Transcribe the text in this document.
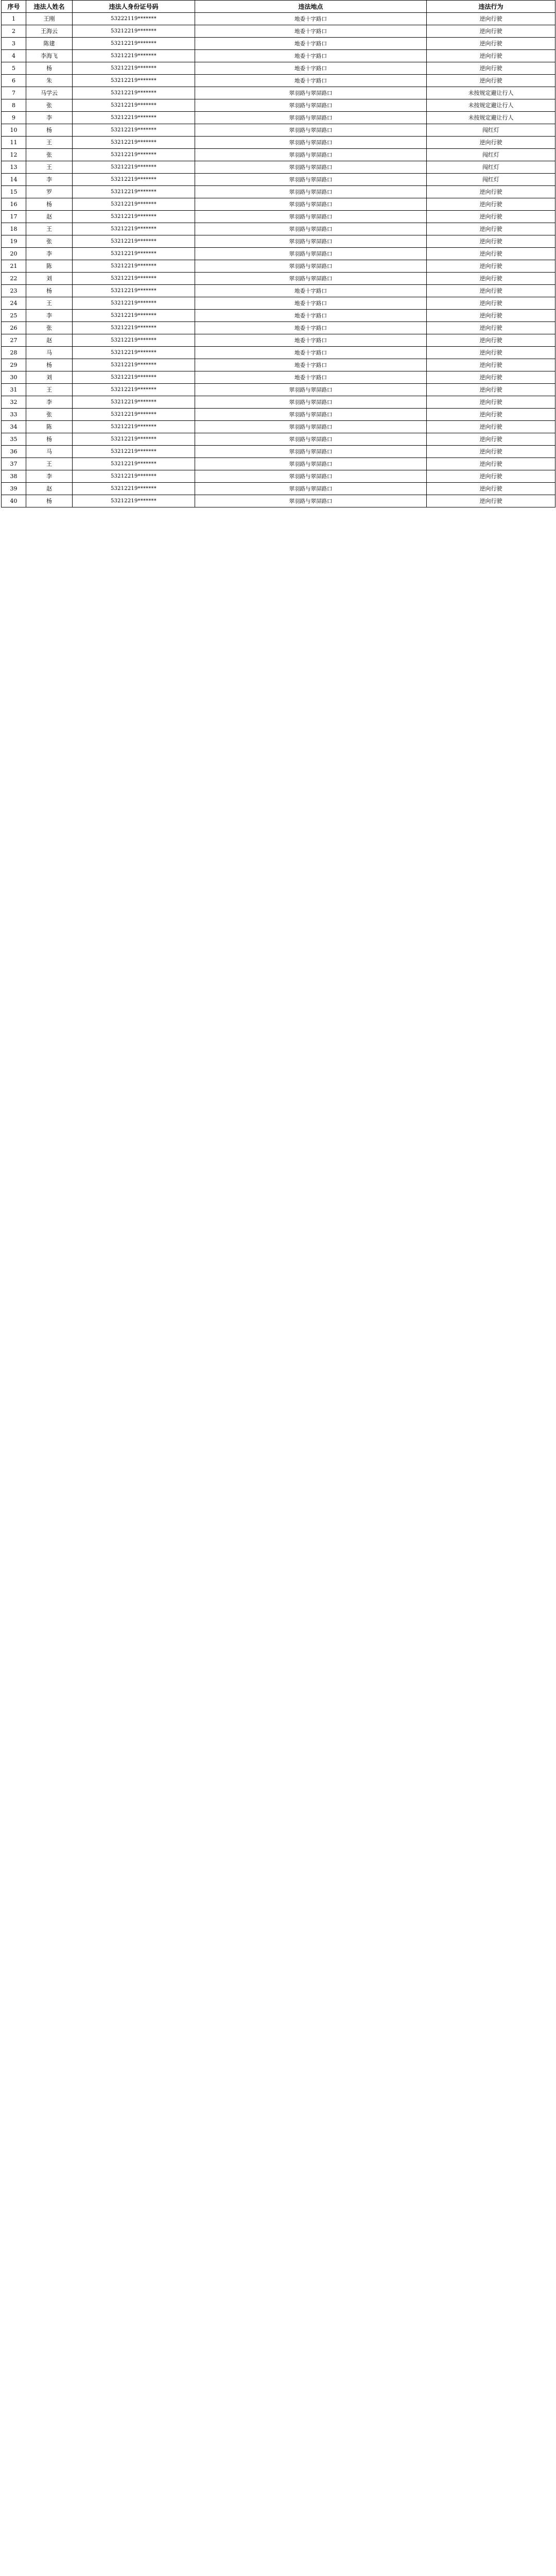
序号	违法人姓名	违法人身份证号码	违法地点	违法行为
1	王刚	53222119*******	地委十字路口	逆向行驶
2	王海云	53212219*******	地委十字路口	逆向行驶
3	陈建	53212219*******	地委十字路口	逆向行驶
4	李海飞	53212219*******	地委十字路口	逆向行驶
5	杨	53212219*******	地委十字路口	逆向行驶
6	朱	53212219*******	地委十字路口	逆向行驶
7	马学云	53212219*******	翠羽路与翠屏路口	未按规定避让行人
8	张	53212219*******	翠羽路与翠屏路口	未按规定避让行人
9	李	53212219*******	翠羽路与翠屏路口	未按规定避让行人
10	杨	53212219*******	翠羽路与翠屏路口	闯红灯
11	王	53212219*******	翠羽路与翠屏路口	逆向行驶
12	张	53212219*******	翠羽路与翠屏路口	闯红灯
13	王	53212219*******	翠羽路与翠屏路口	闯红灯
14	李	53212219*******	翠羽路与翠屏路口	闯红灯
15	罗	53212219*******	翠羽路与翠屏路口	逆向行驶
16	杨	53212219*******	翠羽路与翠屏路口	逆向行驶
17	赵	53212219*******	翠羽路与翠屏路口	逆向行驶
18	王	53212219*******	翠羽路与翠屏路口	逆向行驶
19	张	53212219*******	翠羽路与翠屏路口	逆向行驶
20	李	53212219*******	翠羽路与翠屏路口	逆向行驶
21	陈	53212219*******	翠羽路与翠屏路口	逆向行驶
22	刘	53212219*******	翠羽路与翠屏路口	逆向行驶
23	杨	53212219*******	地委十字路口	逆向行驶
24	王	53212219*******	地委十字路口	逆向行驶
25	李	53212219*******	地委十字路口	逆向行驶
26	张	53212219*******	地委十字路口	逆向行驶
27	赵	53212219*******	地委十字路口	逆向行驶
28	马	53212219*******	地委十字路口	逆向行驶
29	杨	53212219*******	地委十字路口	逆向行驶
30	刘	53212219*******	地委十字路口	逆向行驶
31	王	53212219*******	翠羽路与翠屏路口	逆向行驶
32	李	53212219*******	翠羽路与翠屏路口	逆向行驶
33	张	53212219*******	翠羽路与翠屏路口	逆向行驶
34	陈	53212219*******	翠羽路与翠屏路口	逆向行驶
35	杨	53212219*******	翠羽路与翠屏路口	逆向行驶
36	马	53212219*******	翠羽路与翠屏路口	逆向行驶
37	王	53212219*******	翠羽路与翠屏路口	逆向行驶
38	李	53212219*******	翠羽路与翠屏路口	逆向行驶
39	赵	53212219*******	翠羽路与翠屏路口	逆向行驶
40	杨	53212219*******	翠羽路与翠屏路口	逆向行驶
